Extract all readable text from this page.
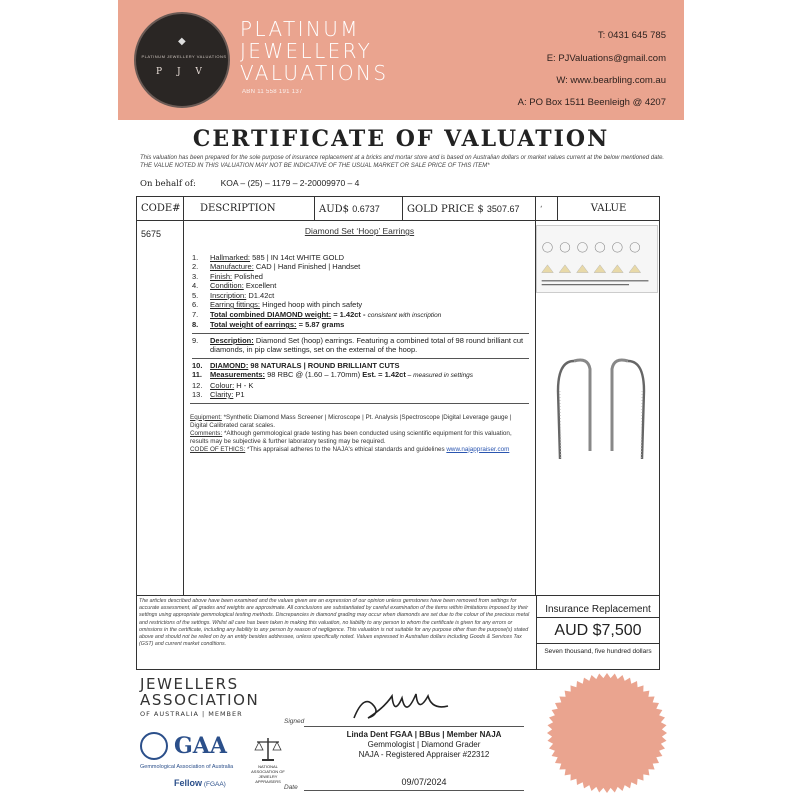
◆
PLATINUM JEWELLERY VALUATIONS
P J V
PLATINUM
JEWELLERY
VALUATIONS
ABN 11 558 191 137
T: 0431 645 785
E: PJValuations@gmail.com
W: www.bearbling.com.au
A: PO Box 1511 Beenleigh @ 4207
CERTIFICATE OF VALUATION
This valuation has been prepared for the sole purpose of insurance replacement at a bricks and mortar store and is based on Australian dollars or market values current at the below mentioned date.
THE VALUE NOTED IN THIS VALUATION MAY NOT BE INDICATIVE OF THE USUAL MARKET OR SALE PRICE OF THIS ITEM*
On behalf of:	KOA – (25) – 1179 – 2-20009970 – 4
CODE#	DESCRIPTION	AUD$ 0.6737	GOLD PRICE $ 3507.67	‘	VALUE
5675	Diamond Set ‘Hoop’ Earrings
1.	Hallmarked: 585 | IN 14ct WHITE GOLD
2.	Manufacture: CAD | Hand Finished | Handset
3.	Finish: Polished
4.	Condition: Excellent
5.	Inscription: D1.42ct
6.	Earring fittings: Hinged hoop with pinch safety
7.	Total combined DIAMOND weight: = 1.42ct - consistent with inscription
8.	Total weight of earrings: = 5.87 grams
9.	Description: Diamond Set (hoop) earrings. Featuring a combined total of 98 round brilliant cut diamonds, in pip claw settings, set on the external of the hoop.
10.	DIAMOND: 98 NATURALS | ROUND BRILLIANT CUTS
11.	Measurements: 98 RBC @ (1.60 – 1.70mm) Est. = 1.42ct – measured in settings
12.	Colour: H - K
13.	Clarity: P1
Equipment: *Synthetic Diamond Mass Screener | Microscope | Pt. Analysis |Spectroscope |Digital Leverage gauge | Digital Calibrated carat scales.
Comments: *Although gemmological grade testing has been conducted using scientific equipment for this valuation, results may be subjective & further laboratory testing may be required.
CODE OF ETHICS: *This appraisal adheres to the NAJA's ethical standards and guidelines www.najappraiser.com
The articles described above have been examined and the values given are an expression of our opinion unless gemstones have been removed from settings for accurate assessment, all grades and weights are approximate. All conclusions are substantiated by careful examination of the items within limitations imposed by their settings using appropriate gemmological testing methods. Discrepancies in diamond grading may occur when diamonds are set due to the colour of the precious metal and restrictions of the settings. Whilst all care has been taken in making this valuation, no liability to any person to whom the certificate is given for any errors or omissions in the certificate, including any liability to any person by reason of negligence. This valuation is not suitable for any purpose other than the purpose(s) stated above and should not be relied on by an entity besides addressee, unless specifically noted. Values expressed in Australian dollars including Goods & Services Tax (GST) and current market conditions.
Insurance Replacement
AUD $7,500
Seven thousand, five hundred dollars
JEWELLERS
ASSOCIATION
OF AUSTRALIA | MEMBER
GAA
Gemmological Association of Australia
Fellow (FGAA)
NATIONAL ASSOCIATION OF JEWELRY APPRAISERS
Signed
Linda Dent FGAA | BBus | Member NAJA
Gemmologist | Diamond Grader
NAJA - Registered Appraiser #22312
Date
09/07/2024
